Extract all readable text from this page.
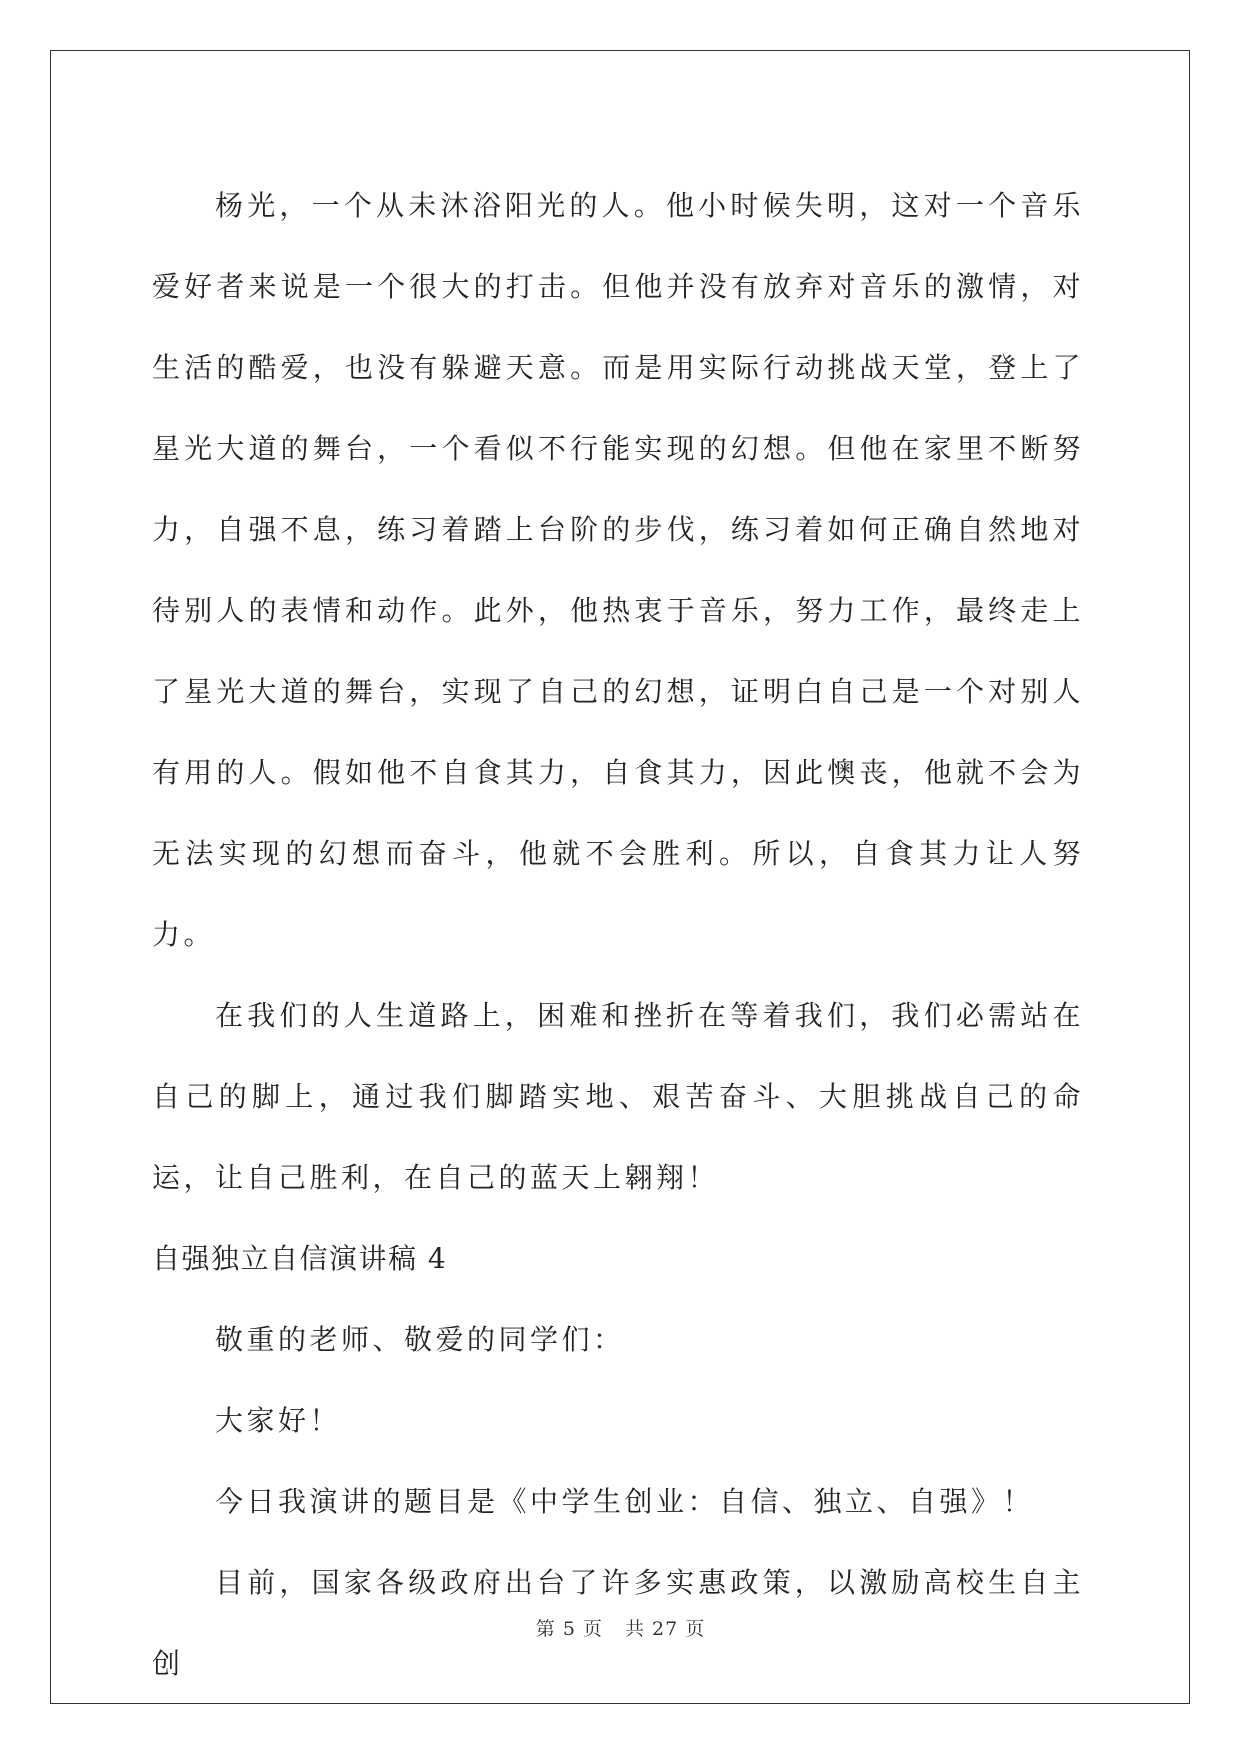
杨光，一个从未沐浴阳光的人。他小时候失明，这对一个音乐爱好者来说是一个很大的打击。但他并没有放弃对音乐的激情，对生活的酷爱，也没有躲避天意。而是用实际行动挑战天堂，登上了星光大道的舞台，一个看似不行能实现的幻想。但他在家里不断努力，自强不息，练习着踏上台阶的步伐，练习着如何正确自然地对待别人的表情和动作。此外，他热衷于音乐，努力工作，最终走上了星光大道的舞台，实现了自己的幻想，证明白自己是一个对别人有用的人。假如他不自食其力，自食其力，因此懊丧，他就不会为无法实现的幻想而奋斗，他就不会胜利。所以，自食其力让人努力。

在我们的人生道路上，困难和挫折在等着我们，我们必需站在自己的脚上，通过我们脚踏实地、艰苦奋斗、大胆挑战自己的命运，让自己胜利，在自己的蓝天上翱翔！

自强独立自信演讲稿 4

敬重的老师、敬爱的同学们：

大家好！

今日我演讲的题目是《中学生创业：自信、独立、自强》！

目前，国家各级政府出台了许多实惠政策，以激励高校生自主创

第 5 页 共 27 页
